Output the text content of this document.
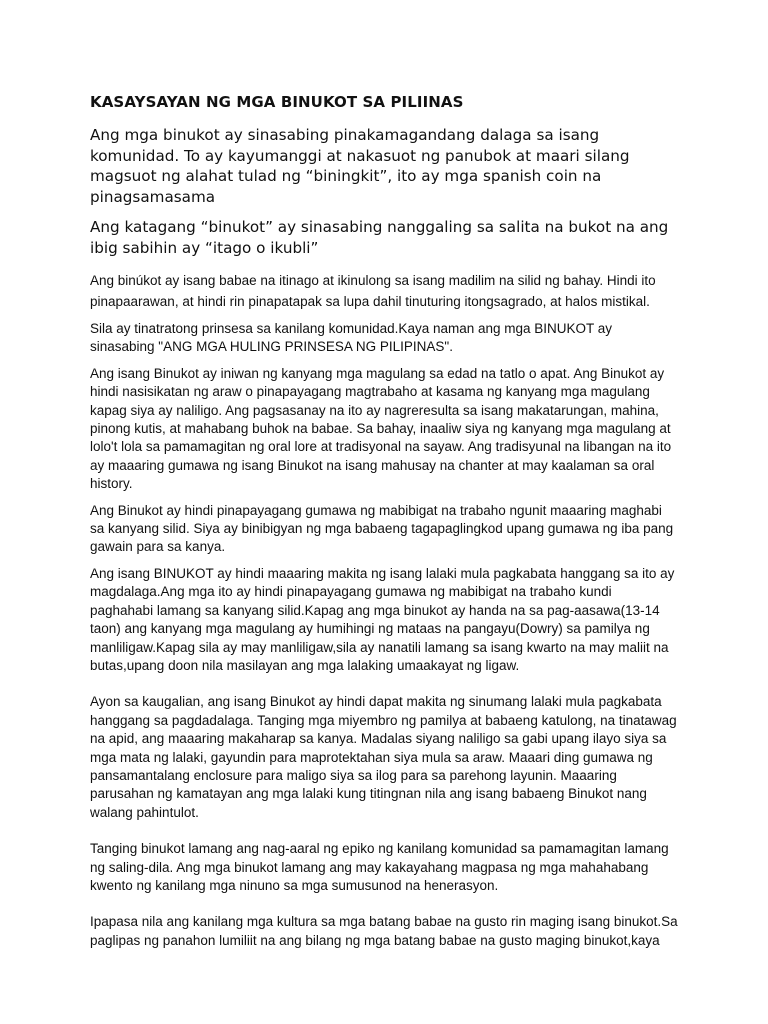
KASAYSAYAN NG MGA BINUKOT SA PILIINAS

Ang mga binukot ay sinasabing pinakamagandang dalaga sa isang komunidad. To ay kayumanggi at nakasuot ng panubok at maari silang magsuot ng alahat tulad ng “biningkit”, ito ay mga spanish coin na pinagsamasama

Ang katagang “binukot” ay sinasabing nanggaling sa salita na bukot na ang ibig sabihin ay “itago o ikubli”

Ang binúkot ay isang babae na itinago at ikinulong sa isang madilim na silid ng bahay. Hindi ito pinapaarawan, at hindi rin pinapatapak sa lupa dahil tinuturing itongsagrado, at halos mistikal.

Sila ay tinatratong prinsesa sa kanilang komunidad.Kaya naman ang mga BINUKOT ay sinasabing "ANG MGA HULING PRINSESA NG PILIPINAS".

Ang isang Binukot ay iniwan ng kanyang mga magulang sa edad na tatlo o apat. Ang Binukot ay hindi nasisikatan ng araw o pinapayagang magtrabaho at kasama ng kanyang mga magulang kapag siya ay naliligo. Ang pagsasanay na ito ay nagreresulta sa isang makatarungan, mahina, pinong kutis, at mahabang buhok na babae. Sa bahay, inaaliw siya ng kanyang mga magulang at lolo't lola sa pamamagitan ng oral lore at tradisyonal na sayaw. Ang tradisyunal na libangan na ito ay maaaring gumawa ng isang Binukot na isang mahusay na chanter at may kaalaman sa oral history.

Ang Binukot ay hindi pinapayagang gumawa ng mabibigat na trabaho ngunit maaaring maghabi sa kanyang silid. Siya ay binibigyan ng mga babaeng tagapaglingkod upang gumawa ng iba pang gawain para sa kanya.

Ang isang BINUKOT ay hindi maaaring makita ng isang lalaki mula pagkabata hanggang sa ito ay magdalaga.Ang mga ito ay hindi pinapayagang gumawa ng mabibigat na trabaho kundi paghahabi lamang sa kanyang silid.Kapag ang mga binukot ay handa na sa pag-aasawa(13-14 taon) ang kanyang mga magulang ay humihingi ng mataas na pangayu(Dowry) sa pamilya ng manliligaw.Kapag sila ay may manliligaw,sila ay nanatili lamang sa isang kwarto na may maliit na butas,upang doon nila masilayan ang mga lalaking umaakayat ng ligaw.

Ayon sa kaugalian, ang isang Binukot ay hindi dapat makita ng sinumang lalaki mula pagkabata hanggang sa pagdadalaga. Tanging mga miyembro ng pamilya at babaeng katulong, na tinatawag na apid, ang maaaring makaharap sa kanya. Madalas siyang naliligo sa gabi upang ilayo siya sa mga mata ng lalaki, gayundin para maprotektahan siya mula sa araw. Maaari ding gumawa ng pansamantalang enclosure para maligo siya sa ilog para sa parehong layunin. Maaaring parusahan ng kamatayan ang mga lalaki kung titingnan nila ang isang babaeng Binukot nang walang pahintulot.

Tanging binukot lamang ang nag-aaral ng epiko ng kanilang komunidad sa pamamagitan lamang ng saling-dila. Ang mga binukot lamang ang may kakayahang magpasa ng mga mahahabang kwento ng kanilang mga ninuno sa mga sumusunod na henerasyon.

Ipapasa nila ang kanilang mga kultura sa mga batang babae na gusto rin maging isang binukot.Sa paglipas ng panahon lumiliit na ang bilang ng mga batang babae na gusto maging binukot,kaya
